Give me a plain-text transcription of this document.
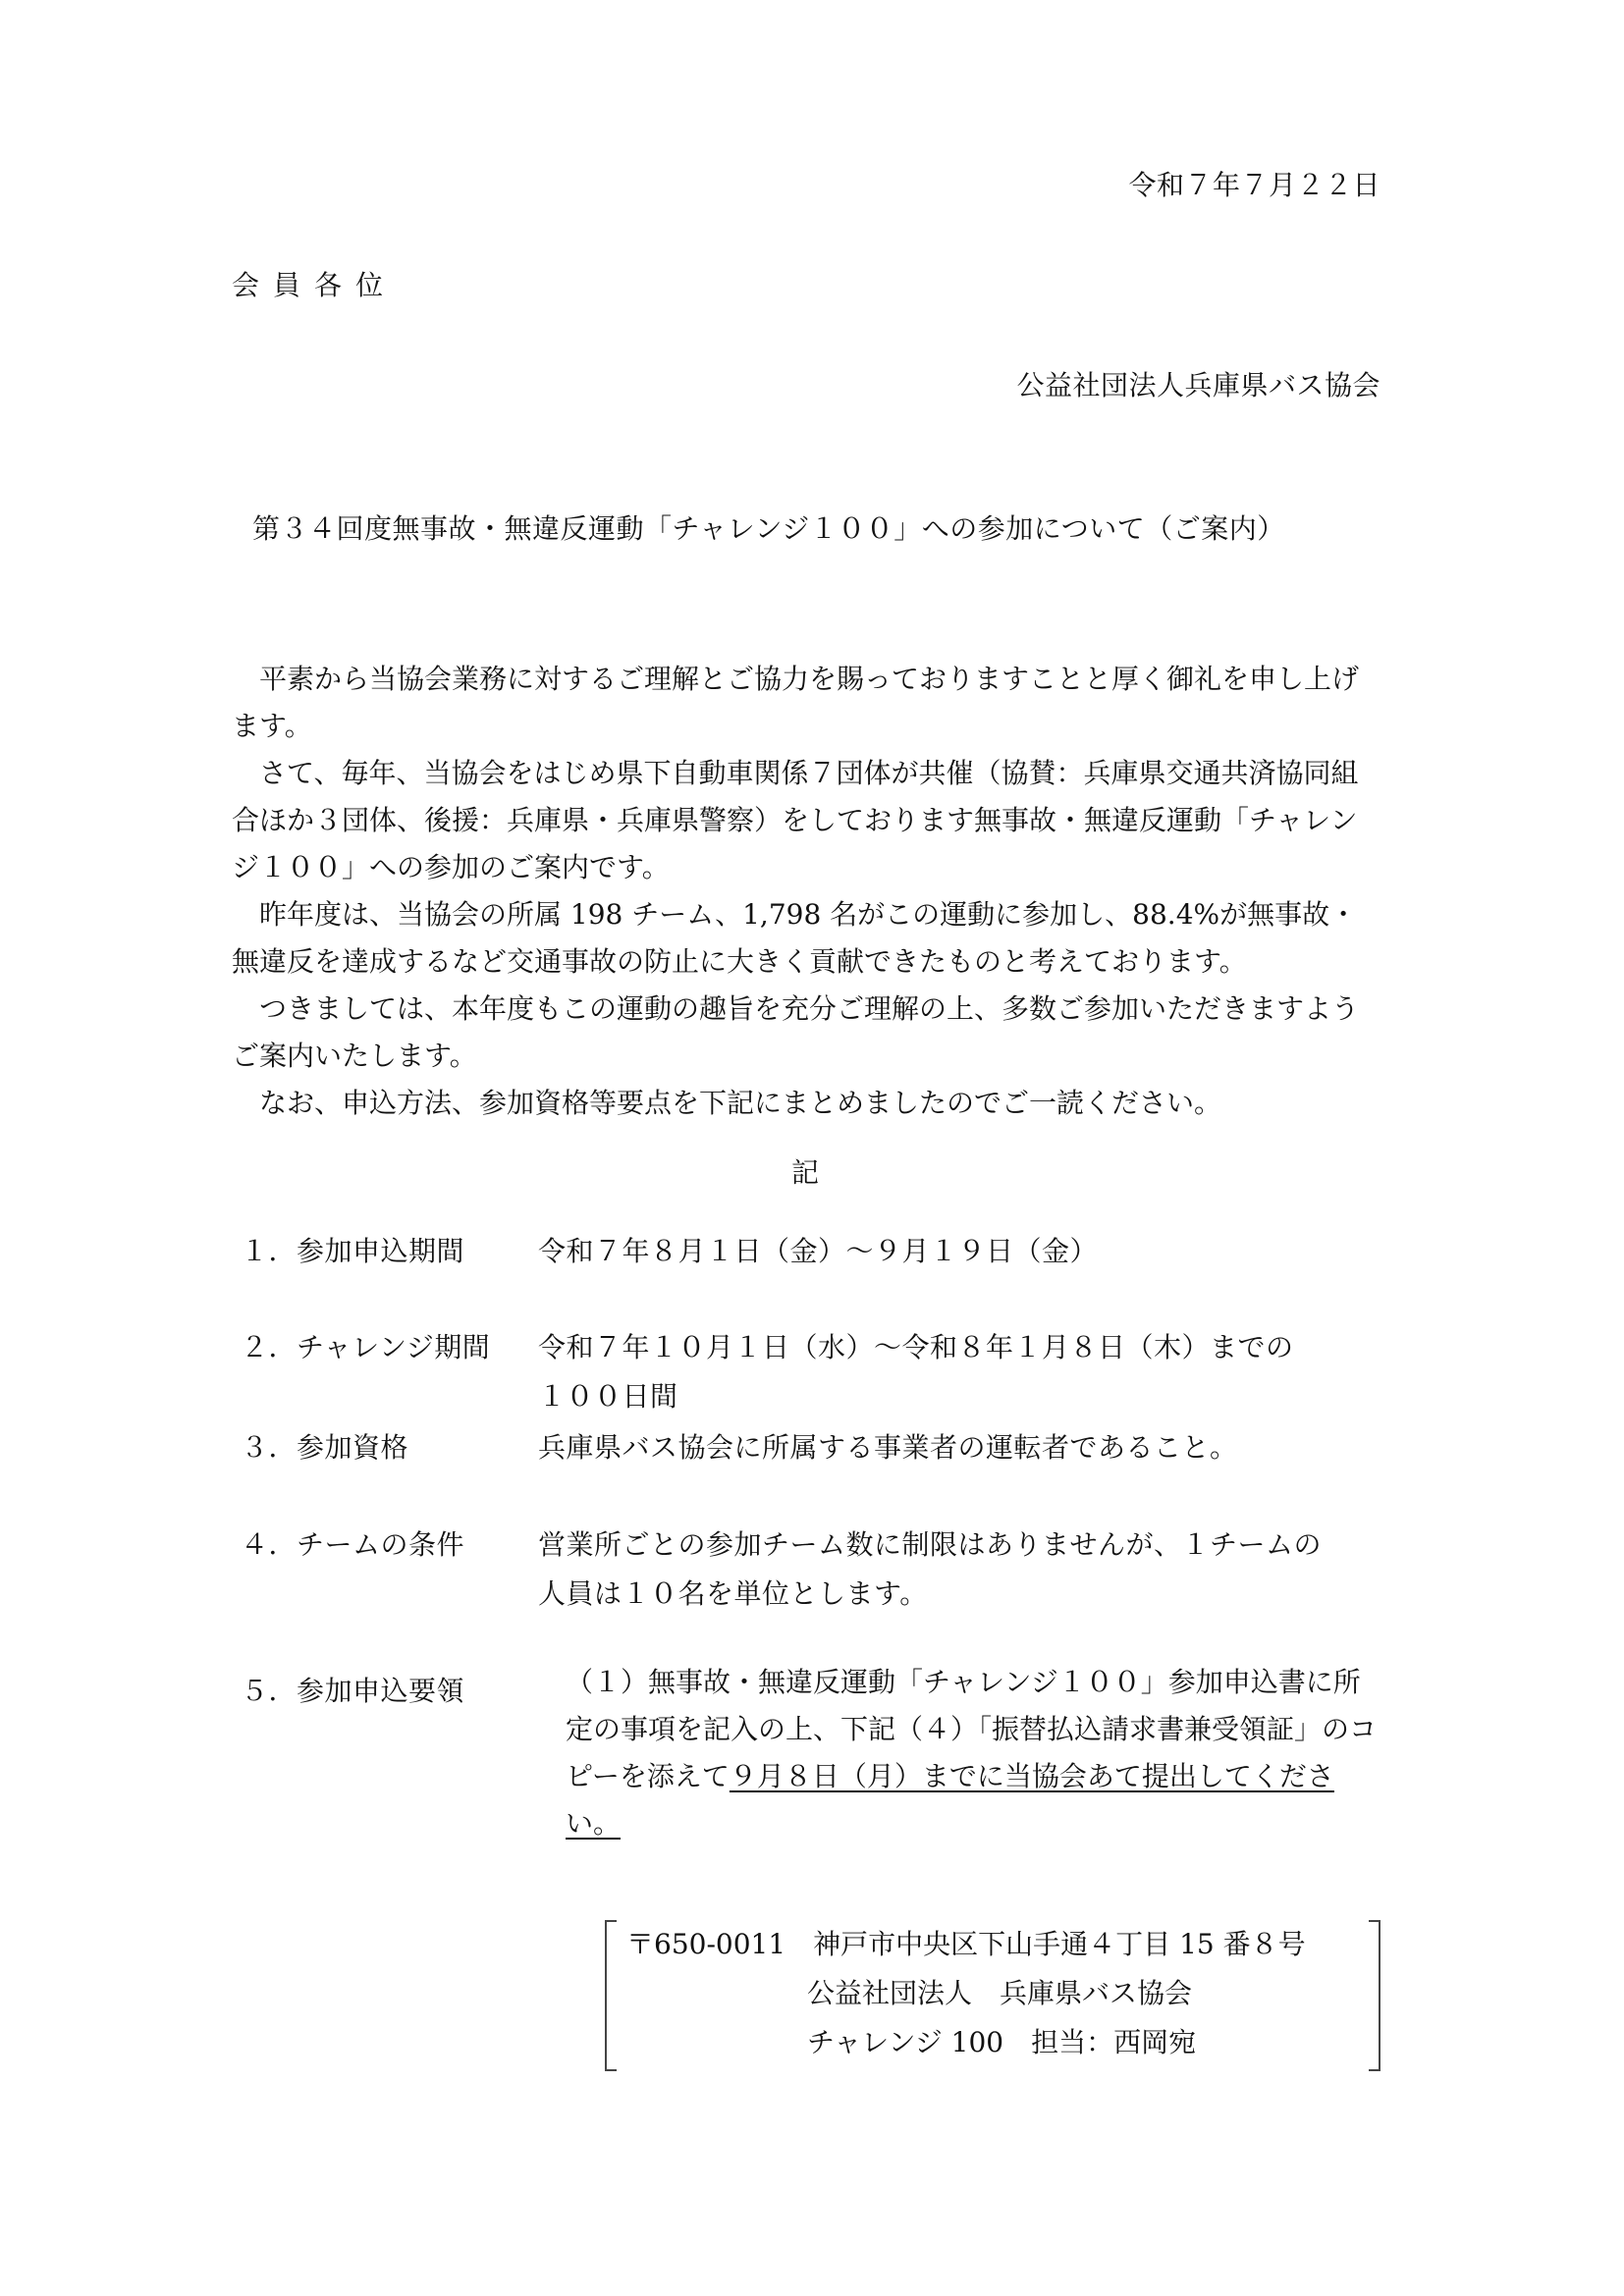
令和７年７月２２日
会員各位
公益社団法人兵庫県バス協会
第３４回度無事故・無違反運動「チャレンジ１００」への参加について（ご案内）
　平素から当協会業務に対するご理解とご協力を賜っておりますことと厚く御礼を申し上げます。
　さて、毎年、当協会をはじめ県下自動車関係７団体が共催（協賛：兵庫県交通共済協同組合ほか３団体、後援：兵庫県・兵庫県警察）をしております無事故・無違反運動「チャレンジ１００」への参加のご案内です。
　昨年度は、当協会の所属 198 チーム、1,798 名がこの運動に参加し、88.4%が無事故・無違反を達成するなど交通事故の防止に大きく貢献できたものと考えております。
　つきましては、本年度もこの運動の趣旨を充分ご理解の上、多数ご参加いただきますようご案内いたします。
　なお、申込方法、参加資格等要点を下記にまとめましたのでご一読ください。
記
１． 参加申込期間	令和７年８月１日（金）～９月１９日（金）
２． チャレンジ期間 令和７年１０月１日（水）～令和８年１月８日（木）までの
１００日間
３． 参加資格	兵庫県バス協会に所属する事業者の運転者であること。
４． チームの条件	営業所ごとの参加チーム数に制限はありませんが、１チームの
人員は１０名を単位とします。
５． 参加申込要領	（１）無事故・無違反運動「チャレンジ１００」参加申込書に所定の事項を記入の上、下記（４）「振替払込請求書兼受領証」のコピーを添えて９月８日（月）までに当協会あて提出してください。
〒650-0011　神戸市中央区下山手通４丁目 15 番８号
公益社団法人　兵庫県バス協会
チャレンジ 100　担当：西岡宛
